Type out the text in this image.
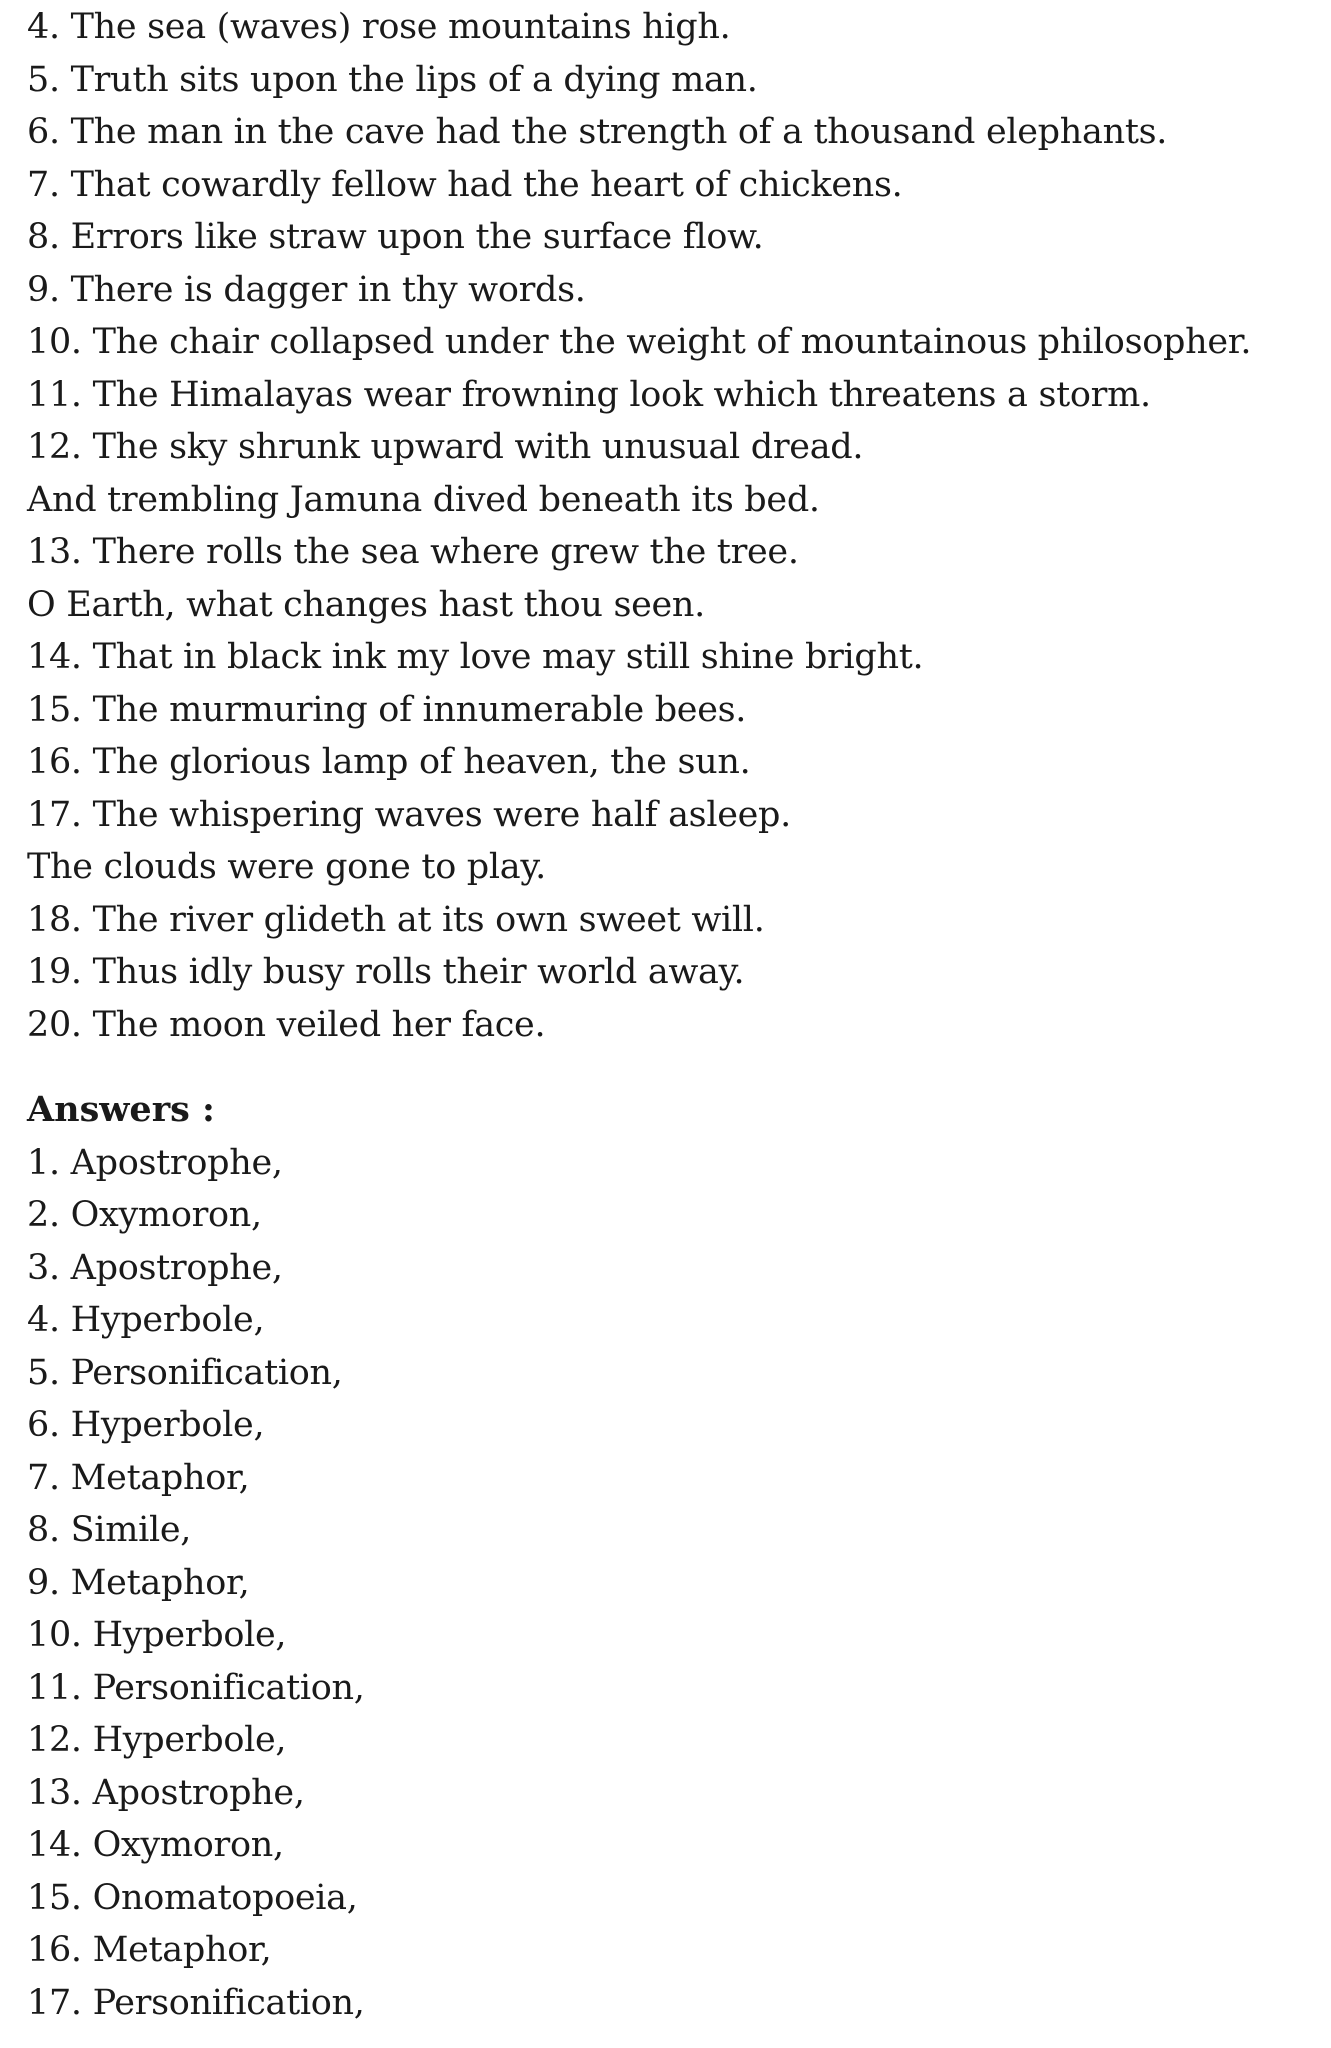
4. The sea (waves) rose mountains high.
5. Truth sits upon the lips of a dying man.
6. The man in the cave had the strength of a thousand elephants.
7. That cowardly fellow had the heart of chickens.
8. Errors like straw upon the surface flow.
9. There is dagger in thy words.
10. The chair collapsed under the weight of mountainous philosopher.
11. The Himalayas wear frowning look which threatens a storm.
12. The sky shrunk upward with unusual dread.
And trembling Jamuna dived beneath its bed.
13. There rolls the sea where grew the tree.
O Earth, what changes hast thou seen.
14. That in black ink my love may still shine bright.
15. The murmuring of innumerable bees.
16. The glorious lamp of heaven, the sun.
17. The whispering waves were half asleep.
The clouds were gone to play.
18. The river glideth at its own sweet will.
19. Thus idly busy rolls their world away.
20. The moon veiled her face.
Answers :
1. Apostrophe,
2. Oxymoron,
3. Apostrophe,
4. Hyperbole,
5. Personification,
6. Hyperbole,
7. Metaphor,
8. Simile,
9. Metaphor,
10. Hyperbole,
11. Personification,
12. Hyperbole,
13. Apostrophe,
14. Oxymoron,
15. Onomatopoeia,
16. Metaphor,
17. Personification,
